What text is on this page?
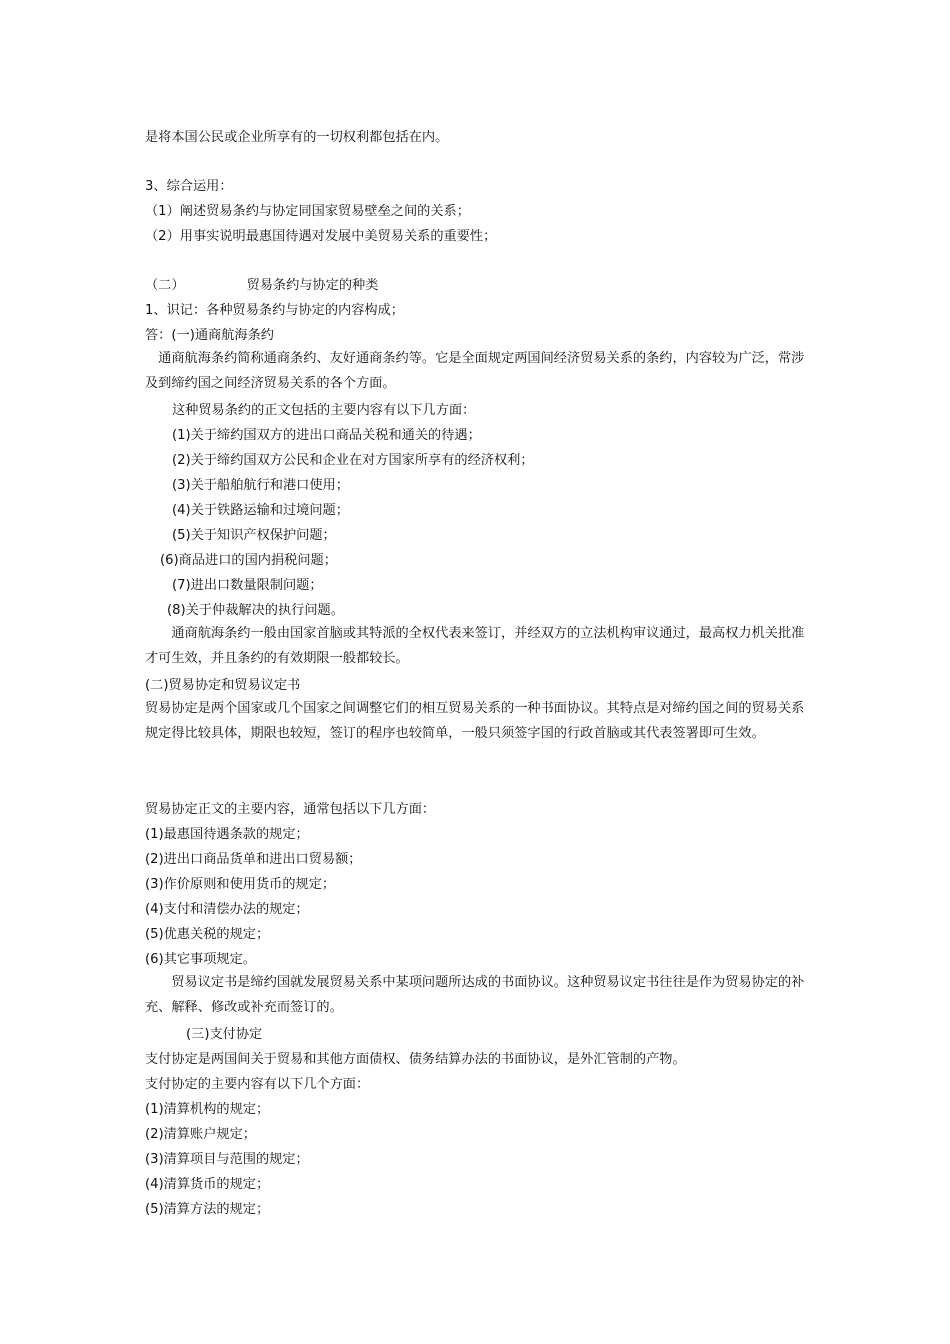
是将本国公民或企业所享有的一切权利都包括在内。
3、综合运用：
（1）阐述贸易条约与协定同国家贸易壁垒之间的关系；
（2）用事实说明最惠国待遇对发展中美贸易关系的重要性；
（二）	贸易条约与协定的种类
1、识记：各种贸易条约与协定的内容构成；
答：(一)通商航海条约
　通商航海条约简称通商条约、友好通商条约等。它是全面规定两国间经济贸易关系的条约，内容较为广泛，常涉及到缔约国之间经济贸易关系的各个方面。
这种贸易条约的正文包括的主要内容有以下几方面：
(1)关于缔约国双方的进出口商品关税和通关的待遇；
(2)关于缔约国双方公民和企业在对方国家所享有的经济权利；
(3)关于船舶航行和港口使用；
(4)关于铁路运输和过境问题；
(5)关于知识产权保护问题；
(6)商品进口的国内捐税问题；
(7)进出口数量限制问题；
(8)关于仲裁解决的执行问题。
　　通商航海条约一般由国家首脑或其特派的全权代表来签订，并经双方的立法机构审议通过，最高权力机关批准才可生效，并且条约的有效期限一般都较长。
(二)贸易协定和贸易议定书
贸易协定是两个国家或几个国家之间调整它们的相互贸易关系的一种书面协议。其特点是对缔约国之间的贸易关系规定得比较具体，期限也较短，签订的程序也较简单，一般只须签字国的行政首脑或其代表签署即可生效。
贸易协定正文的主要内容，通常包括以下几方面：
(1)最惠国待遇条款的规定；
(2)进出口商品货单和进出口贸易额；
(3)作价原则和使用货币的规定；
(4)支付和清偿办法的规定；
(5)优惠关税的规定；
(6)其它事项规定。
　　贸易议定书是缔约国就发展贸易关系中某项问题所达成的书面协议。这种贸易议定书往往是作为贸易协定的补充、解释、修改或补充而签订的。
(三)支付协定
支付协定是两国间关于贸易和其他方面债权、债务结算办法的书面协议，是外汇管制的产物。
支付协定的主要内容有以下几个方面：
(1)清算机构的规定；
(2)清算账户规定；
(3)清算项目与范围的规定；
(4)清算货币的规定；
(5)清算方法的规定；
